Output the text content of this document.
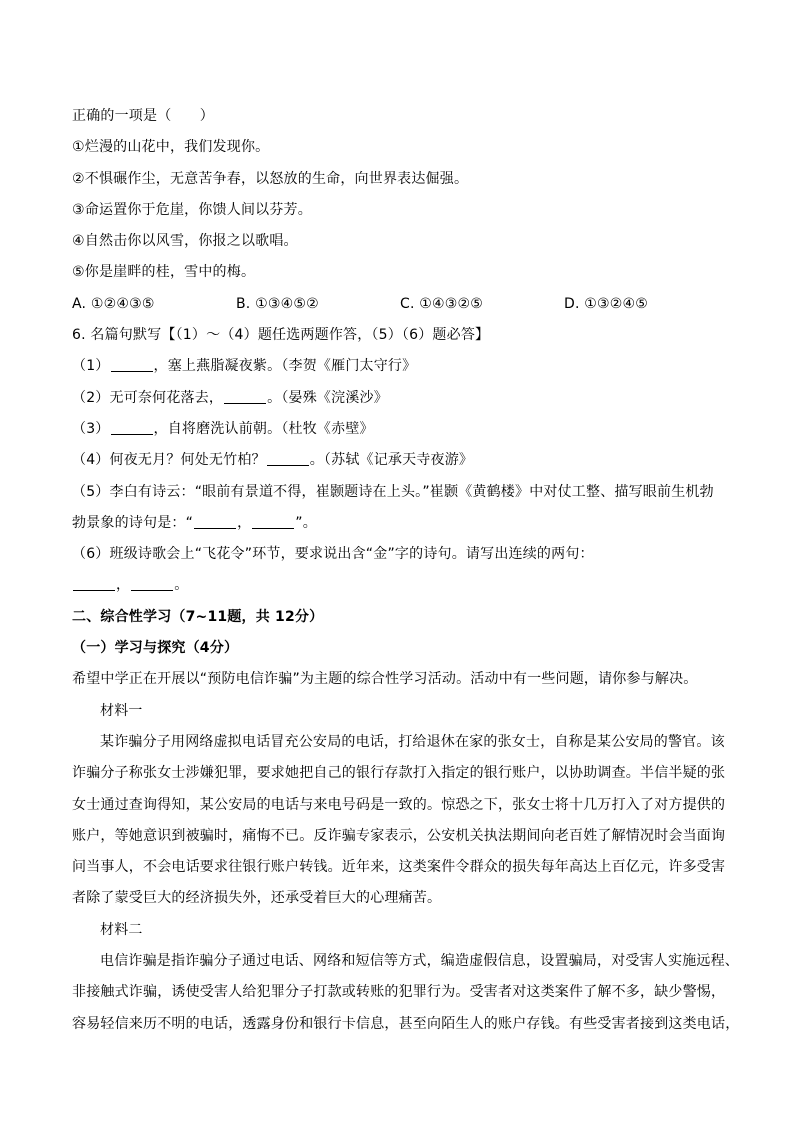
正确的一项是（　　）
①烂漫的山花中，我们发现你。
②不惧碾作尘，无意苦争春，以怒放的生命，向世界表达倔强。
③命运置你于危崖，你馈人间以芬芳。
④自然击你以风雪，你报之以歌唱。
⑤你是崖畔的桂，雪中的梅。
A. ①②④③⑤	B. ①③④⑤②	C. ①④③②⑤	D. ①③②④⑤
6. 名篇句默写【（1）～（4）题任选两题作答，（5）（6）题必答】
（1）	，塞上燕脂凝夜紫。（李贺《雁门太守行》
（2）无可奈何花落去，	。（晏殊《浣溪沙》
（3）	，自将磨洗认前朝。（杜牧《赤壁》
（4）何夜无月？何处无竹柏？	。（苏轼《记承天寺夜游》
（5）李白有诗云：“眼前有景道不得，崔颢题诗在上头。”崔颢《黄鹤楼》中对仗工整、描写眼前生机勃
勃景象的诗句是：“	，	”。
（6）班级诗歌会上“飞花令”环节，要求说出含“金”字的诗句。请写出连续的两句：
，	。
二、综合性学习（7~11题，共 12分）
（一）学习与探究（4分）
希望中学正在开展以“预防电信诈骗”为主题的综合性学习活动。活动中有一些问题，请你参与解决。
材料一
某诈骗分子用网络虚拟电话冒充公安局的电话，打给退休在家的张女士，自称是某公安局的警官。该
诈骗分子称张女士涉嫌犯罪，要求她把自己的银行存款打入指定的银行账户，以协助调查。半信半疑的张
女士通过查询得知，某公安局的电话与来电号码是一致的。惊恐之下，张女士将十几万打入了对方提供的
账户，等她意识到被骗时，痛悔不已。反诈骗专家表示，公安机关执法期间向老百姓了解情况时会当面询
问当事人，不会电话要求往银行账户转钱。近年来，这类案件令群众的损失每年高达上百亿元，许多受害
者除了蒙受巨大的经济损失外，还承受着巨大的心理痛苦。
材料二
电信诈骗是指诈骗分子通过电话、网络和短信等方式，编造虚假信息，设置骗局，对受害人实施远程、
非接触式诈骗，诱使受害人给犯罪分子打款或转账的犯罪行为。受害者对这类案件了解不多，缺少警惕，
容易轻信来历不明的电话，透露身份和银行卡信息，甚至向陌生人的账户存钱。有些受害者接到这类电话，
